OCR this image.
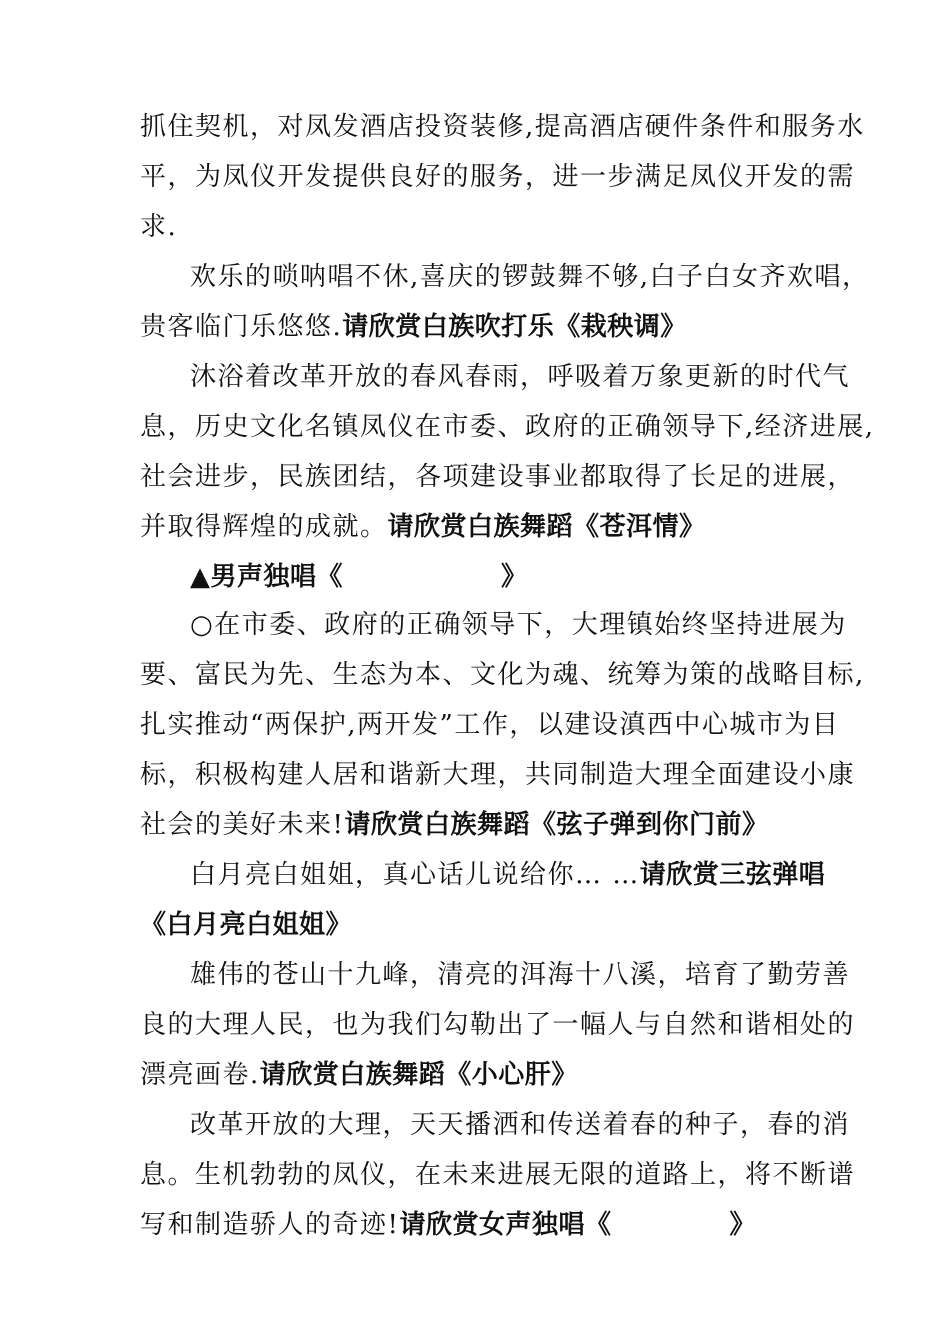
抓住契机，对凤发酒店投资装修,提高酒店硬件条件和服务水
平，为凤仪开发提供良好的服务，进一步满足凤仪开发的需
求.
欢乐的唢呐唱不休,喜庆的锣鼓舞不够,白子白女齐欢唱，
贵客临门乐悠悠.请欣赏白族吹打乐《栽秧调》
沐浴着改革开放的春风春雨，呼吸着万象更新的时代气
息，历史文化名镇凤仪在市委、政府的正确领导下,经济进展,
社会进步，民族团结，各项建设事业都取得了长足的进展，
并取得辉煌的成就。请欣赏白族舞蹈《苍洱情》
▲男声独唱《	》
○在市委、政府的正确领导下，大理镇始终坚持进展为
要、富民为先、生态为本、文化为魂、统筹为策的战略目标,
扎实推动“两保护,两开发”工作，以建设滇西中心城市为目
标，积极构建人居和谐新大理，共同制造大理全面建设小康
社会的美好未来!请欣赏白族舞蹈《弦子弹到你门前》
白月亮白姐姐，真心话儿说给你… …请欣赏三弦弹唱
《白月亮白姐姐》
雄伟的苍山十九峰，清亮的洱海十八溪，培育了勤劳善
良的大理人民，也为我们勾勒出了一幅人与自然和谐相处的
漂亮画卷.请欣赏白族舞蹈《小心肝》
改革开放的大理，天天播洒和传送着春的种子，春的消
息。生机勃勃的凤仪，在未来进展无限的道路上，将不断谱
写和制造骄人的奇迹!请欣赏女声独唱《	》
